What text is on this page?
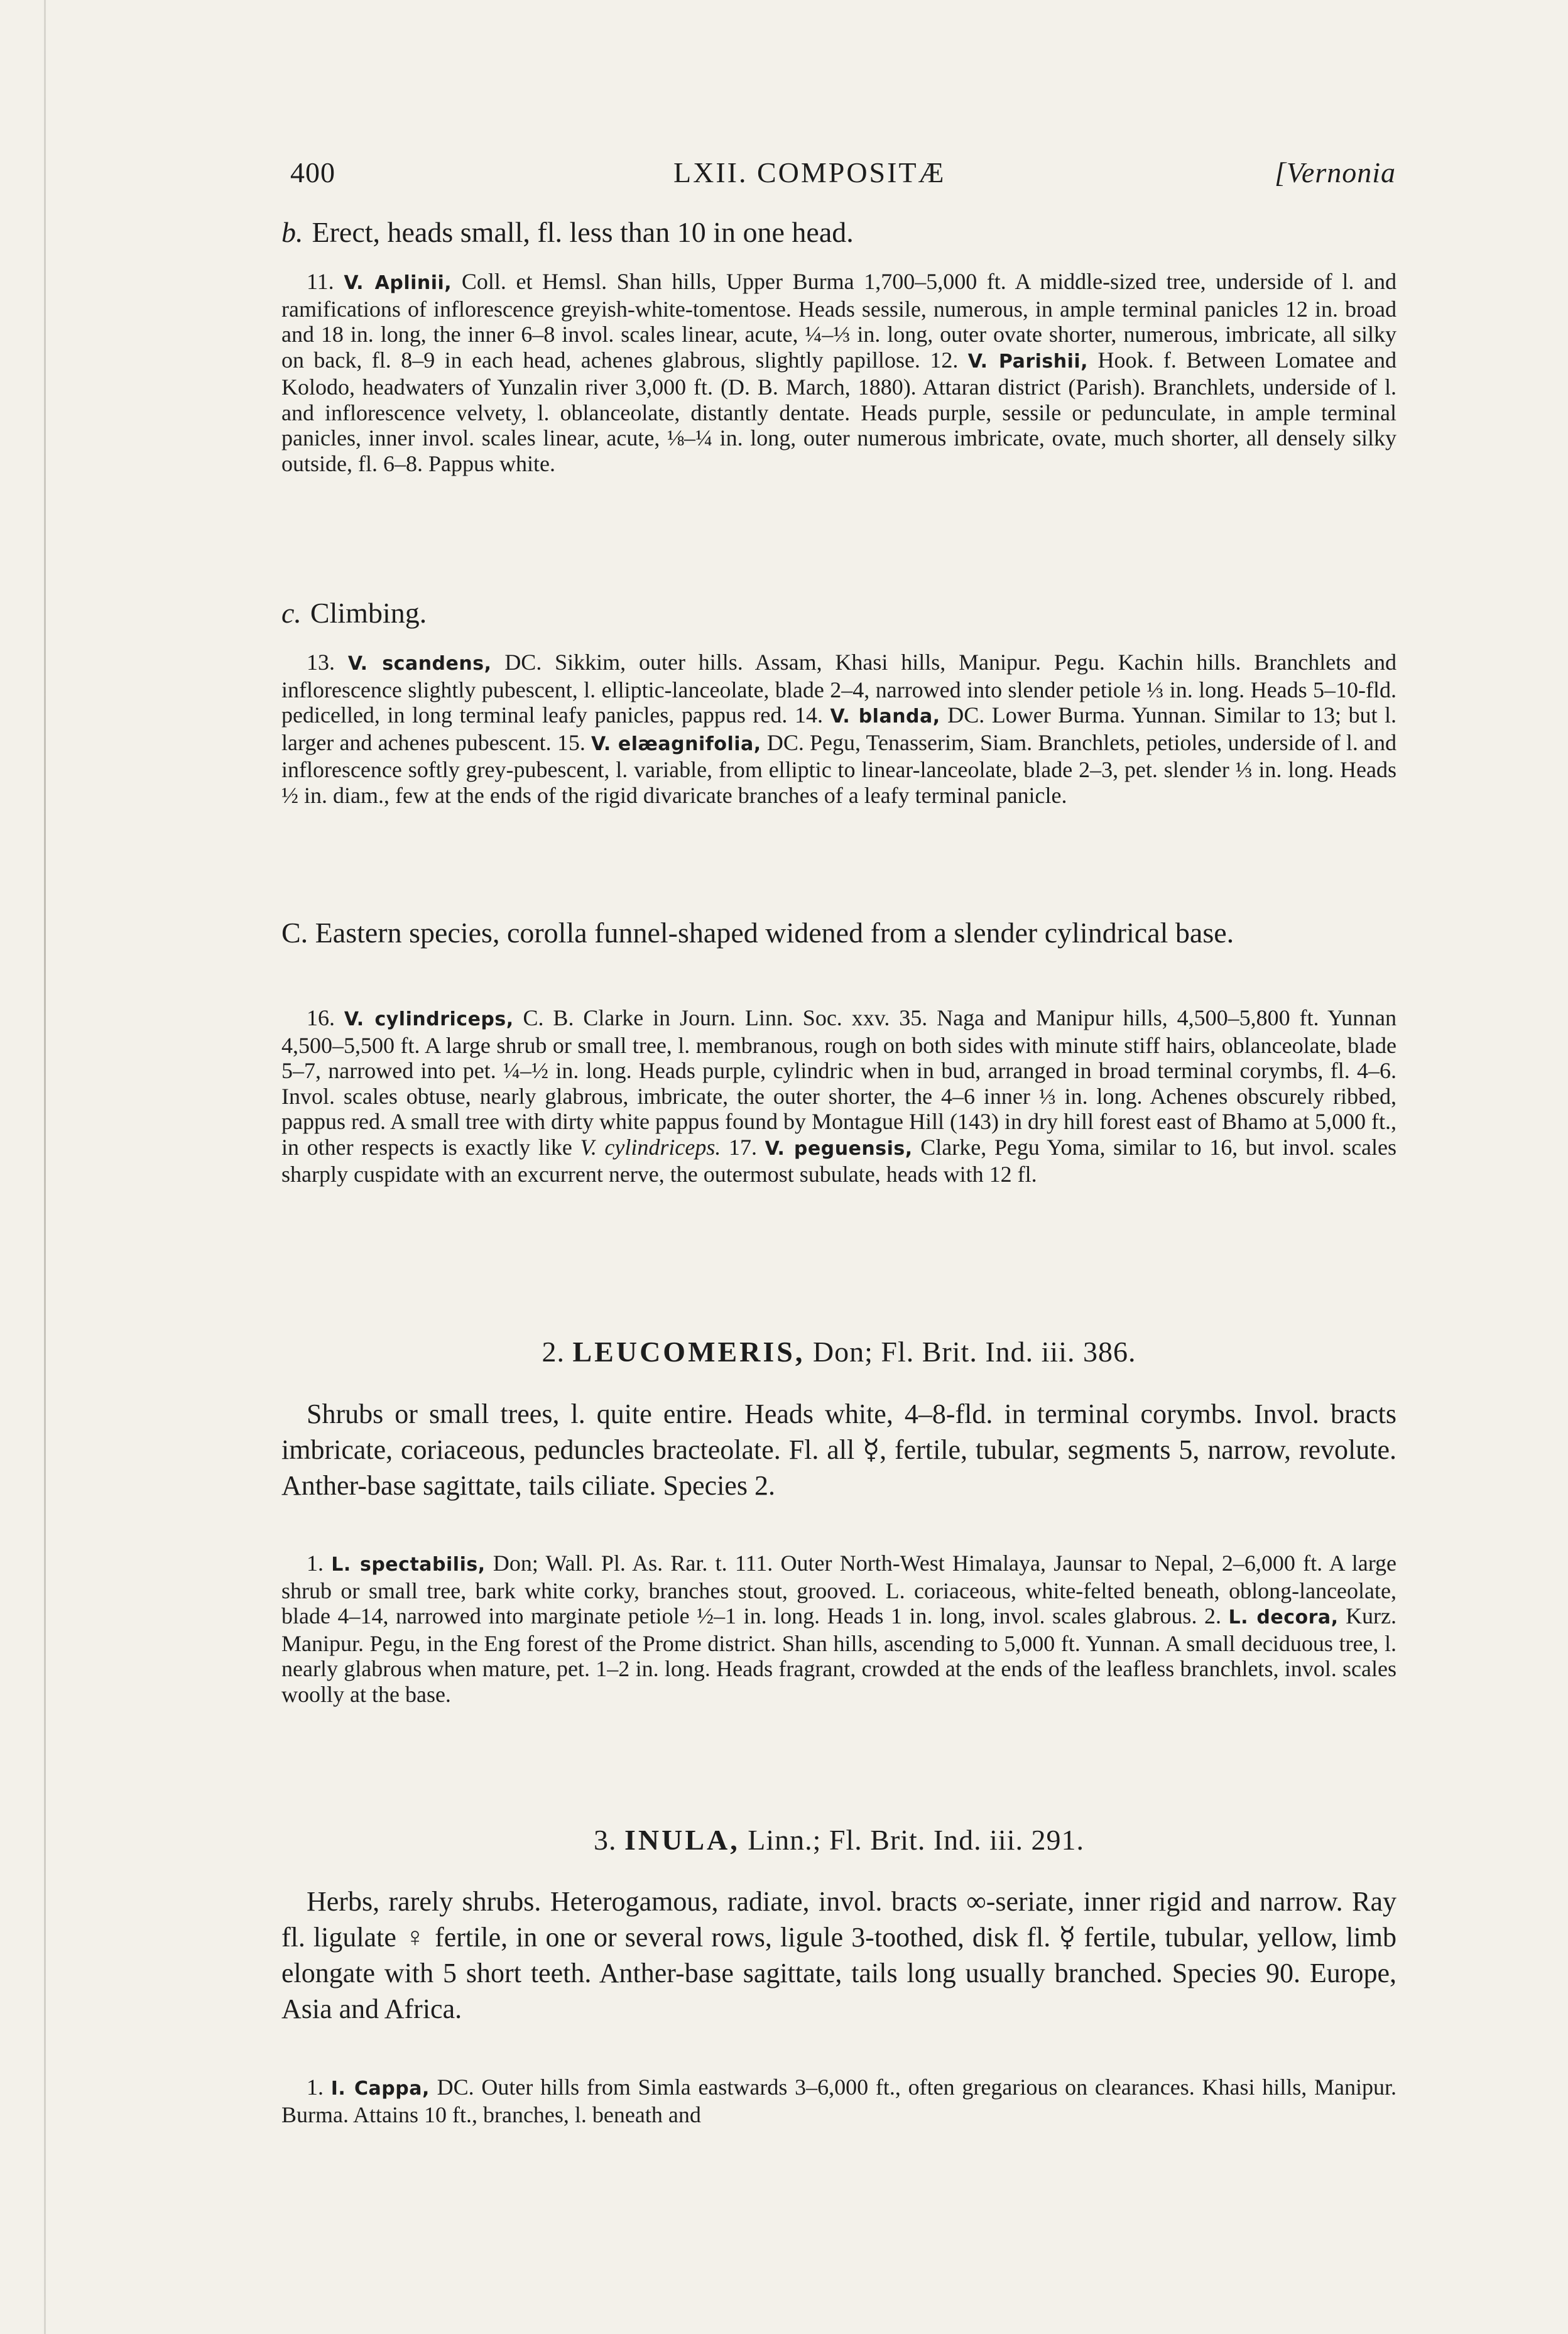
400	LXII. COMPOSITÆ	[Vernonia

b. Erect, heads small, fl. less than 10 in one head.

11. V. Aplinii, Coll. et Hemsl. Shan hills, Upper Burma 1,700–5,000 ft. A middle-sized tree, underside of l. and ramifications of inflorescence greyish-white-tomentose. Heads sessile, numerous, in ample terminal panicles 12 in. broad and 18 in. long, the inner 6–8 invol. scales linear, acute, ¼–⅓ in. long, outer ovate shorter, numerous, imbricate, all silky on back, fl. 8–9 in each head, achenes glabrous, slightly papillose. 12. V. Parishii, Hook. f. Between Lomatee and Kolodo, headwaters of Yunzalin river 3,000 ft. (D. B. March, 1880). Attaran district (Parish). Branchlets, underside of l. and inflorescence velvety, l. oblanceolate, distantly dentate. Heads purple, sessile or pedunculate, in ample terminal panicles, inner invol. scales linear, acute, ⅛–¼ in. long, outer numerous imbricate, ovate, much shorter, all densely silky outside, fl. 6–8. Pappus white.

c. Climbing.

13. V. scandens, DC. Sikkim, outer hills. Assam, Khasi hills, Manipur. Pegu. Kachin hills. Branchlets and inflorescence slightly pubescent, l. elliptic-lanceolate, blade 2–4, narrowed into slender petiole ⅓ in. long. Heads 5–10-fld. pedicelled, in long terminal leafy panicles, pappus red. 14. V. blanda, DC. Lower Burma. Yunnan. Similar to 13; but l. larger and achenes pubescent. 15. V. elæagnifolia, DC. Pegu, Tenasserim, Siam. Branchlets, petioles, underside of l. and inflorescence softly grey-pubescent, l. variable, from elliptic to linear-lanceolate, blade 2–3, pet. slender ⅓ in. long. Heads ½ in. diam., few at the ends of the rigid divaricate branches of a leafy terminal panicle.

C. Eastern species, corolla funnel-shaped widened from a slender cylindrical base.

16. V. cylindriceps, C. B. Clarke in Journ. Linn. Soc. xxv. 35. Naga and Manipur hills, 4,500–5,800 ft. Yunnan 4,500–5,500 ft. A large shrub or small tree, l. membranous, rough on both sides with minute stiff hairs, oblanceolate, blade 5–7, narrowed into pet. ¼–½ in. long. Heads purple, cylindric when in bud, arranged in broad terminal corymbs, fl. 4–6. Invol. scales obtuse, nearly glabrous, imbricate, the outer shorter, the 4–6 inner ⅓ in. long. Achenes obscurely ribbed, pappus red. A small tree with dirty white pappus found by Montague Hill (143) in dry hill forest east of Bhamo at 5,000 ft., in other respects is exactly like V. cylindriceps. 17. V. peguensis, Clarke, Pegu Yoma, similar to 16, but invol. scales sharply cuspidate with an excurrent nerve, the outermost subulate, heads with 12 fl.

2. LEUCOMERIS, Don; Fl. Brit. Ind. iii. 386.

Shrubs or small trees, l. quite entire. Heads white, 4–8-fld. in terminal corymbs. Invol. bracts imbricate, coriaceous, peduncles bracteolate. Fl. all ☿, fertile, tubular, segments 5, narrow, revolute. Anther-base sagittate, tails ciliate. Species 2.

1. L. spectabilis, Don; Wall. Pl. As. Rar. t. 111. Outer North-West Himalaya, Jaunsar to Nepal, 2–6,000 ft. A large shrub or small tree, bark white corky, branches stout, grooved. L. coriaceous, white-felted beneath, oblong-lanceolate, blade 4–14, narrowed into marginate petiole ½–1 in. long. Heads 1 in. long, invol. scales glabrous. 2. L. decora, Kurz. Manipur. Pegu, in the Eng forest of the Prome district. Shan hills, ascending to 5,000 ft. Yunnan. A small deciduous tree, l. nearly glabrous when mature, pet. 1–2 in. long. Heads fragrant, crowded at the ends of the leafless branchlets, invol. scales woolly at the base.

3. INULA, Linn.; Fl. Brit. Ind. iii. 291.

Herbs, rarely shrubs. Heterogamous, radiate, invol. bracts ∞-seriate, inner rigid and narrow. Ray fl. ligulate ♀ fertile, in one or several rows, ligule 3-toothed, disk fl. ☿ fertile, tubular, yellow, limb elongate with 5 short teeth. Anther-base sagittate, tails long usually branched. Species 90. Europe, Asia and Africa.

1. I. Cappa, DC. Outer hills from Simla eastwards 3–6,000 ft., often gregarious on clearances. Khasi hills, Manipur. Burma. Attains 10 ft., branches, l. beneath and
